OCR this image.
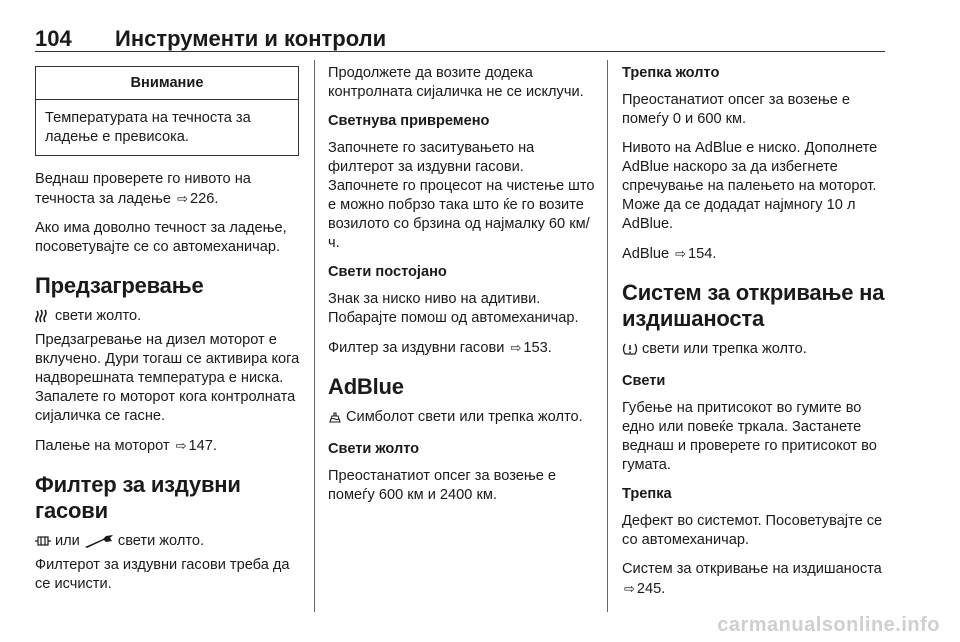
104 Инструменти и контроли
Внимание
Температурата на течноста за ладење е превисока.

Веднаш проверете го нивото на течноста за ладење ⇨ 226.

Ако има доволно течност за ладење, посоветувајте се со автомеханичар.

Предзагревање

свети жолто.

Предзагревање на дизел моторот е вклучено. Дури тогаш се активира кога надворешната температура е ниска. Запалете го моторот кога контролната сијаличка се гасне.

Палење на моторот ⇨ 147.

Филтер за издувни гасови

или	свети жолто.

Филтерот за издувни гасови треба да се исчисти.

Продолжете да возите додека контролната сијаличка не се исклучи.

Светнува привремено

Започнете го заситувањето на филтерот за издувни гасови. Започнете го процесот на чистење што е можно побрзо така што ќе го возите возилото со брзина од најмалку 60 км/ч.

Свети постојано

Знак за ниско ниво на адитиви. Побарајте помош од автомеханичар.

Филтер за издувни гасови ⇨ 153.

AdBlue

Симболот свети или трепка жолто.

Свети жолто

Преостанатиот опсег за возење е помеѓу 600 км и 2400 км.

Трепка жолто

Преостанатиот опсег за возење е помеѓу 0 и 600 км.

Нивото на AdBlue е ниско. Дополнете AdBlue наскоро за да избегнете спречување на палењето на моторот. Може да се додадат најмногу 10 л AdBlue.

AdBlue ⇨ 154.

Систем за откривање на издишаноста

свети или трепка жолто.

Свети

Губење на притисокот во гумите во едно или повеќе тркала. Застанете веднаш и проверете го притисокот во гумата.

Трепка

Дефект во системот. Посоветувајте се со автомеханичар.

Систем за откривање на издишаноста ⇨ 245.

carmanualsonline.info
